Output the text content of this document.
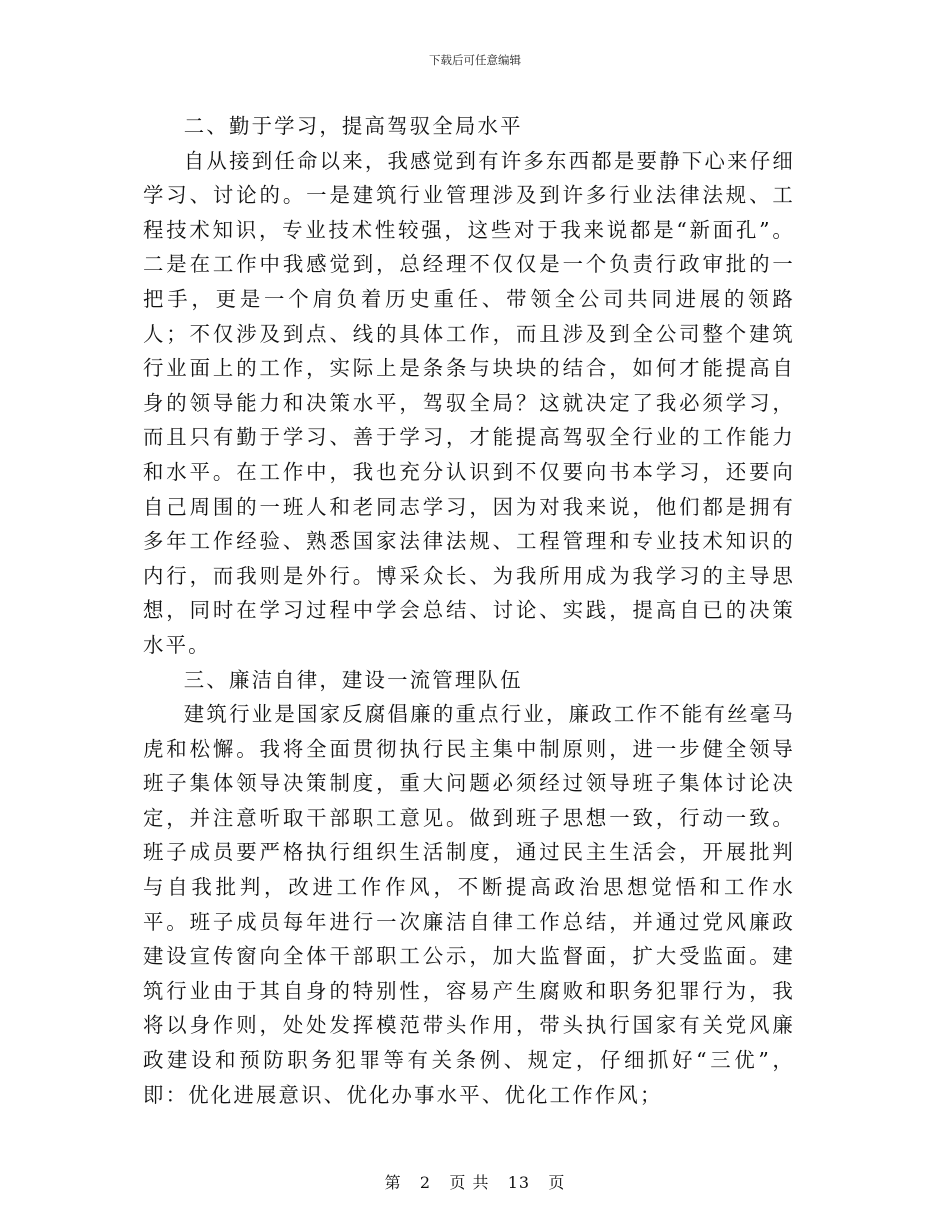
下载后可任意编辑

二、勤于学习，提高驾驭全局水平

自从接到任命以来，我感觉到有许多东西都是要静下心来仔细学习、讨论的。一是建筑行业管理涉及到许多行业法律法规、工程技术知识，专业技术性较强，这些对于我来说都是“新面孔”。二是在工作中我感觉到，总经理不仅仅是一个负责行政审批的一把手，更是一个肩负着历史重任、带领全公司共同进展的领路人；不仅涉及到点、线的具体工作，而且涉及到全公司整个建筑行业面上的工作，实际上是条条与块块的结合，如何才能提高自身的领导能力和决策水平，驾驭全局？这就决定了我必须学习，而且只有勤于学习、善于学习，才能提高驾驭全行业的工作能力和水平。在工作中，我也充分认识到不仅要向书本学习，还要向自己周围的一班人和老同志学习，因为对我来说，他们都是拥有多年工作经验、熟悉国家法律法规、工程管理和专业技术知识的内行，而我则是外行。博采众长、为我所用成为我学习的主导思想，同时在学习过程中学会总结、讨论、实践，提高自已的决策水平。

三、廉洁自律，建设一流管理队伍

建筑行业是国家反腐倡廉的重点行业，廉政工作不能有丝毫马虎和松懈。我将全面贯彻执行民主集中制原则，进一步健全领导班子集体领导决策制度，重大问题必须经过领导班子集体讨论决定，并注意听取干部职工意见。做到班子思想一致，行动一致。班子成员要严格执行组织生活制度，通过民主生活会，开展批判与自我批判，改进工作作风，不断提高政治思想觉悟和工作水平。班子成员每年进行一次廉洁自律工作总结，并通过党风廉政建设宣传窗向全体干部职工公示，加大监督面，扩大受监面。建筑行业由于其自身的特别性，容易产生腐败和职务犯罪行为，我将以身作则，处处发挥模范带头作用，带头执行国家有关党风廉政建设和预防职务犯罪等有关条例、规定，仔细抓好“三优”，即：优化进展意识、优化办事水平、优化工作作风；

第 2 页 共 13 页
